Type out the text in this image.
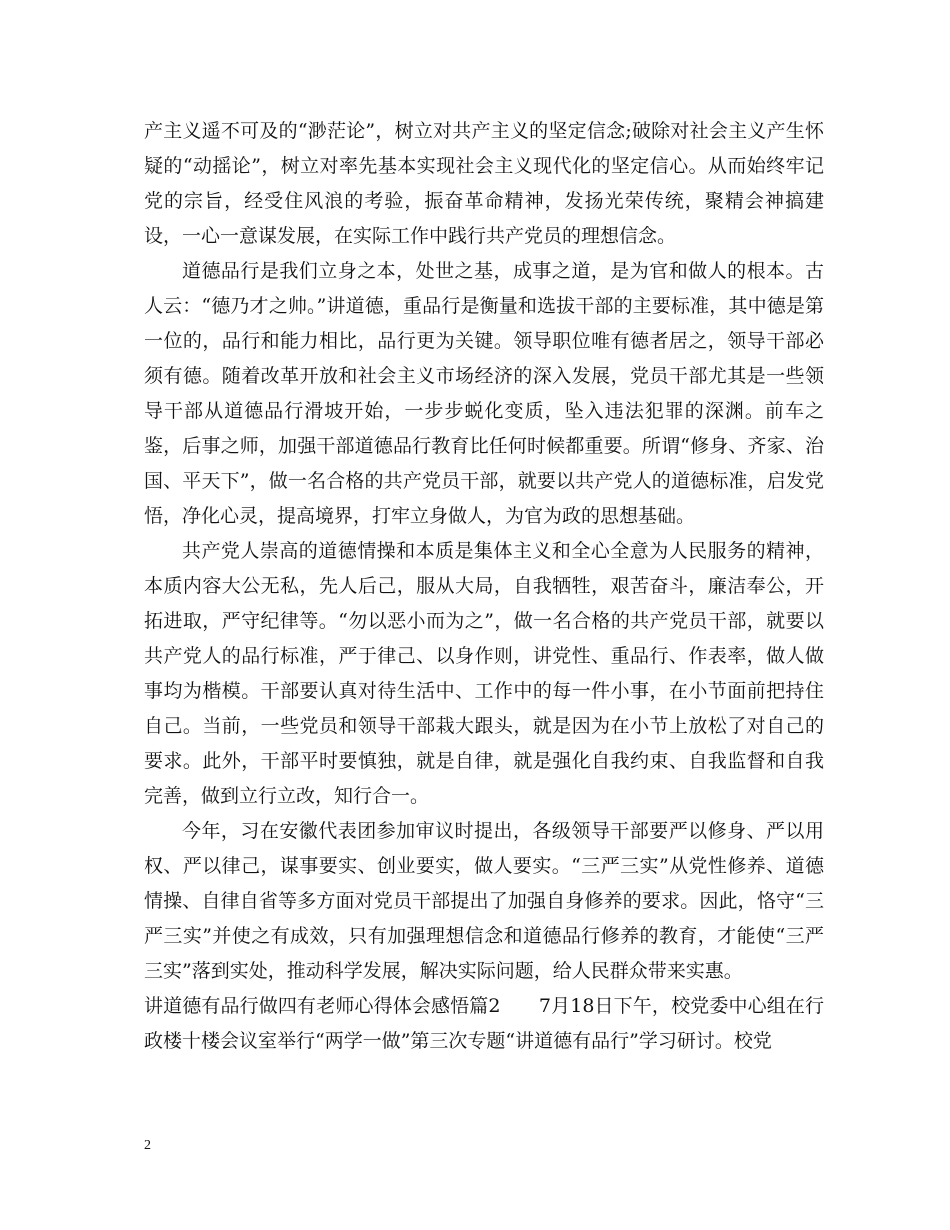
产主义遥不可及的“渺茫论”，树立对共产主义的坚定信念;破除对社会主义产生怀疑的“动摇论”，树立对率先基本实现社会主义现代化的坚定信心。从而始终牢记党的宗旨，经受住风浪的考验，振奋革命精神，发扬光荣传统，聚精会神搞建设，一心一意谋发展，在实际工作中践行共产党员的理想信念。

道德品行是我们立身之本，处世之基，成事之道，是为官和做人的根本。古人云：“德乃才之帅。”讲道德，重品行是衡量和选拔干部的主要标准，其中德是第一位的，品行和能力相比，品行更为关键。领导职位唯有德者居之，领导干部必须有德。随着改革开放和社会主义市场经济的深入发展，党员干部尤其是一些领导干部从道德品行滑坡开始，一步步蜕化变质，坠入违法犯罪的深渊。前车之鉴，后事之师，加强干部道德品行教育比任何时候都重要。所谓“修身、齐家、治国、平天下”，做一名合格的共产党员干部，就要以共产党人的道德标准，启发党悟，净化心灵，提高境界，打牢立身做人，为官为政的思想基础。

共产党人崇高的道德情操和本质是集体主义和全心全意为人民服务的精神，本质内容大公无私，先人后己，服从大局，自我牺牲，艰苦奋斗，廉洁奉公，开拓进取，严守纪律等。“勿以恶小而为之”，做一名合格的共产党员干部，就要以共产党人的品行标准，严于律己、以身作则，讲党性、重品行、作表率，做人做事均为楷模。干部要认真对待生活中、工作中的每一件小事，在小节面前把持住自己。当前，一些党员和领导干部栽大跟头，就是因为在小节上放松了对自己的要求。此外，干部平时要慎独，就是自律，就是强化自我约束、自我监督和自我完善，做到立行立改，知行合一。

今年，习在安徽代表团参加审议时提出，各级领导干部要严以修身、严以用权、严以律己，谋事要实、创业要实，做人要实。“三严三实”从党性修养、道德情操、自律自省等多方面对党员干部提出了加强自身修养的要求。因此，恪守“三严三实”并使之有成效，只有加强理想信念和道德品行修养的教育，才能使“三严三实”落到实处，推动科学发展，解决实际问题，给人民群众带来实惠。

讲道德有品行做四有老师心得体会感悟篇2　　7月18日下午，校党委中心组在行政楼十楼会议室举行“两学一做”第三次专题“讲道德有品行”学习研讨。校党

2
